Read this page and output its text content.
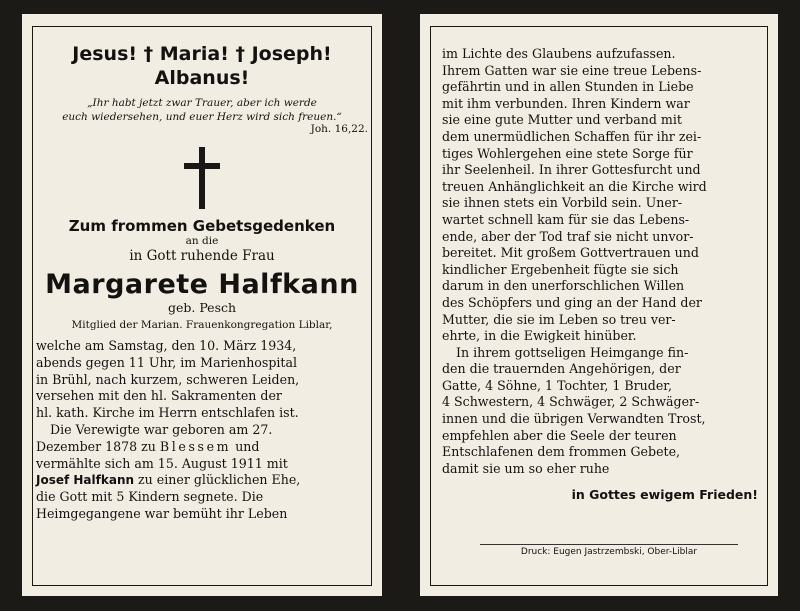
Jesus! † Maria! † Joseph!
Albanus!
„Ihr habt jetzt zwar Trauer, aber ich werde
euch wiedersehen, und euer Herz wird sich freuen.“
Joh. 16,22.
Zum frommen Gebetsgedenken
an die
in Gott ruhende Frau
Margarete Halfkann
geb. Pesch
Mitglied der Marian. Frauenkongregation Liblar,
welche am Samstag, den 10. März 1934,
abends gegen 11 Uhr, im Marienhospital
in Brühl, nach kurzem, schweren Leiden,
versehen mit den hl. Sakramenten der
hl. kath. Kirche im Herrn entschlafen ist.
Die Verewigte war geboren am 27.
Dezember 1878 zu Blessem und
vermählte sich am 15. August 1911 mit
Josef Halfkann zu einer glücklichen Ehe,
die Gott mit 5 Kindern segnete. Die
Heimgegangene war bemüht ihr Leben
im Lichte des Glaubens aufzufassen.
Ihrem Gatten war sie eine treue Lebens-
gefährtin und in allen Stunden in Liebe
mit ihm verbunden. Ihren Kindern war
sie eine gute Mutter und verband mit
dem unermüdlichen Schaffen für ihr zei-
tiges Wohlergehen eine stete Sorge für
ihr Seelenheil. In ihrer Gottesfurcht und
treuen Anhänglichkeit an die Kirche wird
sie ihnen stets ein Vorbild sein. Uner-
wartet schnell kam für sie das Lebens-
ende, aber der Tod traf sie nicht unvor-
bereitet. Mit großem Gottvertrauen und
kindlicher Ergebenheit fügte sie sich
darum in den unerforschlichen Willen
des Schöpfers und ging an der Hand der
Mutter, die sie im Leben so treu ver-
ehrte, in die Ewigkeit hinüber.
In ihrem gottseligen Heimgange fin-
den die trauernden Angehörigen, der
Gatte, 4 Söhne, 1 Tochter, 1 Bruder,
4 Schwestern, 4 Schwäger, 2 Schwäger-
innen und die übrigen Verwandten Trost,
empfehlen aber die Seele der teuren
Entschlafenen dem frommen Gebete,
damit sie um so eher ruhe
in Gottes ewigem Frieden!
Druck: Eugen Jastrzembski, Ober-Liblar
